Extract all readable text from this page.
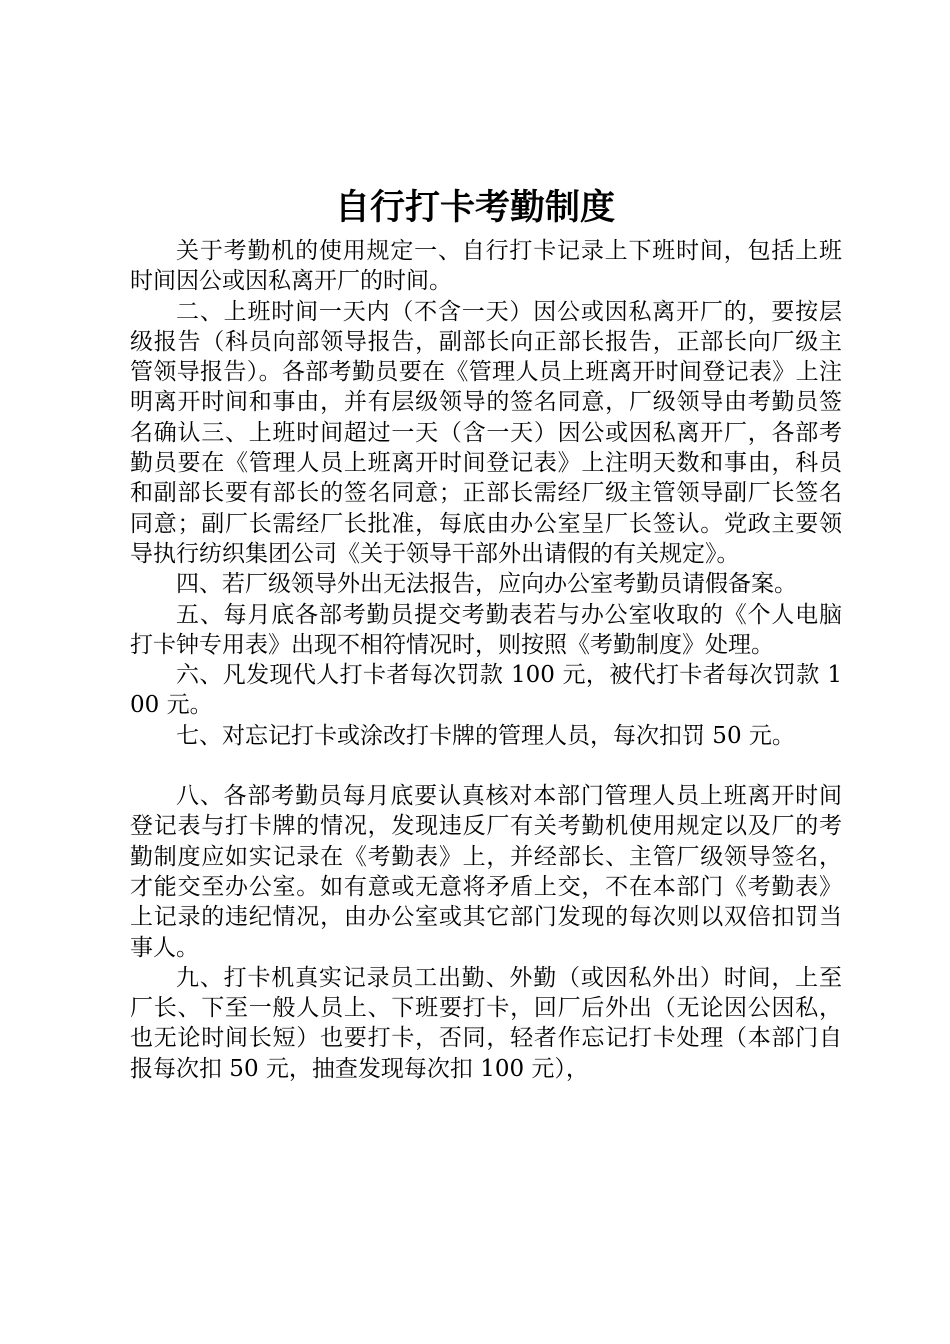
自行打卡考勤制度

关于考勤机的使用规定一、自行打卡记录上下班时间，包括上班时间因公或因私离开厂的时间。

二、上班时间一天内（不含一天）因公或因私离开厂的，要按层级报告（科员向部领导报告，副部长向正部长报告，正部长向厂级主管领导报告）。各部考勤员要在《管理人员上班离开时间登记表》上注明离开时间和事由，并有层级领导的签名同意，厂级领导由考勤员签名确认三、上班时间超过一天（含一天）因公或因私离开厂，各部考勤员要在《管理人员上班离开时间登记表》上注明天数和事由，科员和副部长要有部长的签名同意；正部长需经厂级主管领导副厂长签名同意；副厂长需经厂长批准，每底由办公室呈厂长签认。党政主要领导执行纺织集团公司《关于领导干部外出请假的有关规定》。

四、若厂级领导外出无法报告，应向办公室考勤员请假备案。

五、每月底各部考勤员提交考勤表若与办公室收取的《个人电脑打卡钟专用表》出现不相符情况时，则按照《考勤制度》处理。

六、凡发现代人打卡者每次罚款 100 元，被代打卡者每次罚款 100 元。

七、对忘记打卡或涂改打卡牌的管理人员，每次扣罚 50 元。

八、各部考勤员每月底要认真核对本部门管理人员上班离开时间登记表与打卡牌的情况，发现违反厂有关考勤机使用规定以及厂的考勤制度应如实记录在《考勤表》上，并经部长、主管厂级领导签名，才能交至办公室。如有意或无意将矛盾上交，不在本部门《考勤表》上记录的违纪情况，由办公室或其它部门发现的每次则以双倍扣罚当事人。

九、打卡机真实记录员工出勤、外勤（或因私外出）时间，上至厂长、下至一般人员上、下班要打卡，回厂后外出（无论因公因私，也无论时间长短）也要打卡，否同，轻者作忘记打卡处理（本部门自报每次扣 50 元，抽查发现每次扣 100 元），
